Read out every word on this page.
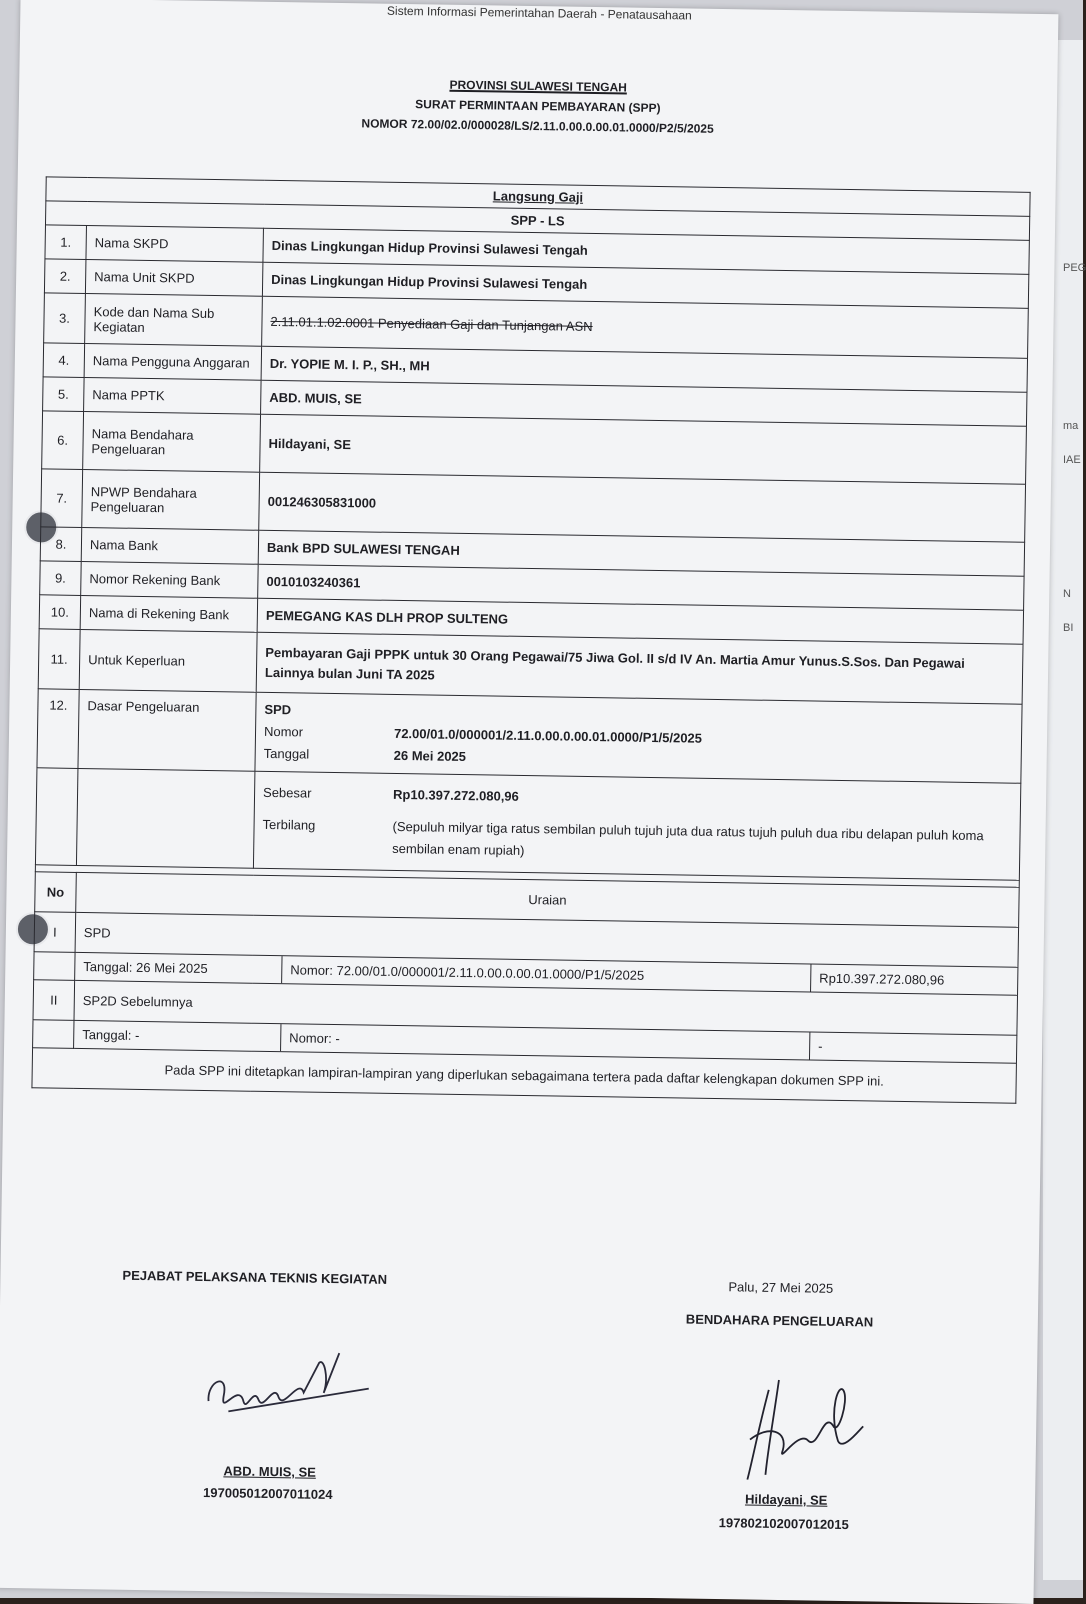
PEG
ma
IAE
N
BI
Sistem Informasi Pemerintahan Daerah - Penatausahaan
PROVINSI SULAWESI TENGAH
SURAT PERMINTAAN PEMBAYARAN (SPP)
NOMOR 72.00/02.0/000028/LS/2.11.0.00.0.00.01.0000/P2/5/2025
Langsung Gaji
SPP - LS
1.	Nama SKPD	Dinas Lingkungan Hidup Provinsi Sulawesi Tengah
2.	Nama Unit SKPD	Dinas Lingkungan Hidup Provinsi Sulawesi Tengah
3.	Kode dan Nama Sub Kegiatan	2.11.01.1.02.0001 Penyediaan Gaji dan Tunjangan ASN
4.	Nama Pengguna Anggaran	Dr. YOPIE M. I. P., SH., MH
5.	Nama PPTK	ABD. MUIS, SE
6.	Nama Bendahara Pengeluaran	Hildayani, SE
7.	NPWP Bendahara Pengeluaran	001246305831000
8.	Nama Bank	Bank BPD SULAWESI TENGAH
9.	Nomor Rekening Bank	0010103240361
10.	Nama di Rekening Bank	PEMEGANG KAS DLH PROP SULTENG
11.	Untuk Keperluan	Pembayaran Gaji PPPK untuk 30 Orang Pegawai/75 Jiwa Gol. II s/d IV An. Martia Amur Yunus.S.Sos. Dan Pegawai Lainnya bulan Juni TA 2025
12.	Dasar Pengeluaran	SPD
Nomor	72.00/01.0/000001/2.11.0.00.0.00.01.0000/P1/5/2025
Tanggal	26 Mei 2025

Sebesar	Rp10.397.272.080,96
Terbilang	(Sepuluh milyar tiga ratus sembilan puluh tujuh juta dua ratus tujuh puluh dua ribu delapan puluh koma sembilan enam rupiah)

No	Uraian
I	SPD

Tanggal: 26 Mei 2025	Nomor: 72.00/01.0/000001/2.11.0.00.0.00.01.0000/P1/5/2025	Rp10.397.272.080,96

II	SP2D Sebelumnya

Tanggal: -	Nomor: -	-

Pada SPP ini ditetapkan lampiran-lampiran yang diperlukan sebagaimana tertera pada daftar kelengkapan dokumen SPP ini.
PEJABAT PELAKSANA TEKNIS KEGIATAN
Palu, 27 Mei 2025
BENDAHARA PENGELUARAN
ABD. MUIS, SE
197005012007011024	Hildayani, SE
197802102007012015
